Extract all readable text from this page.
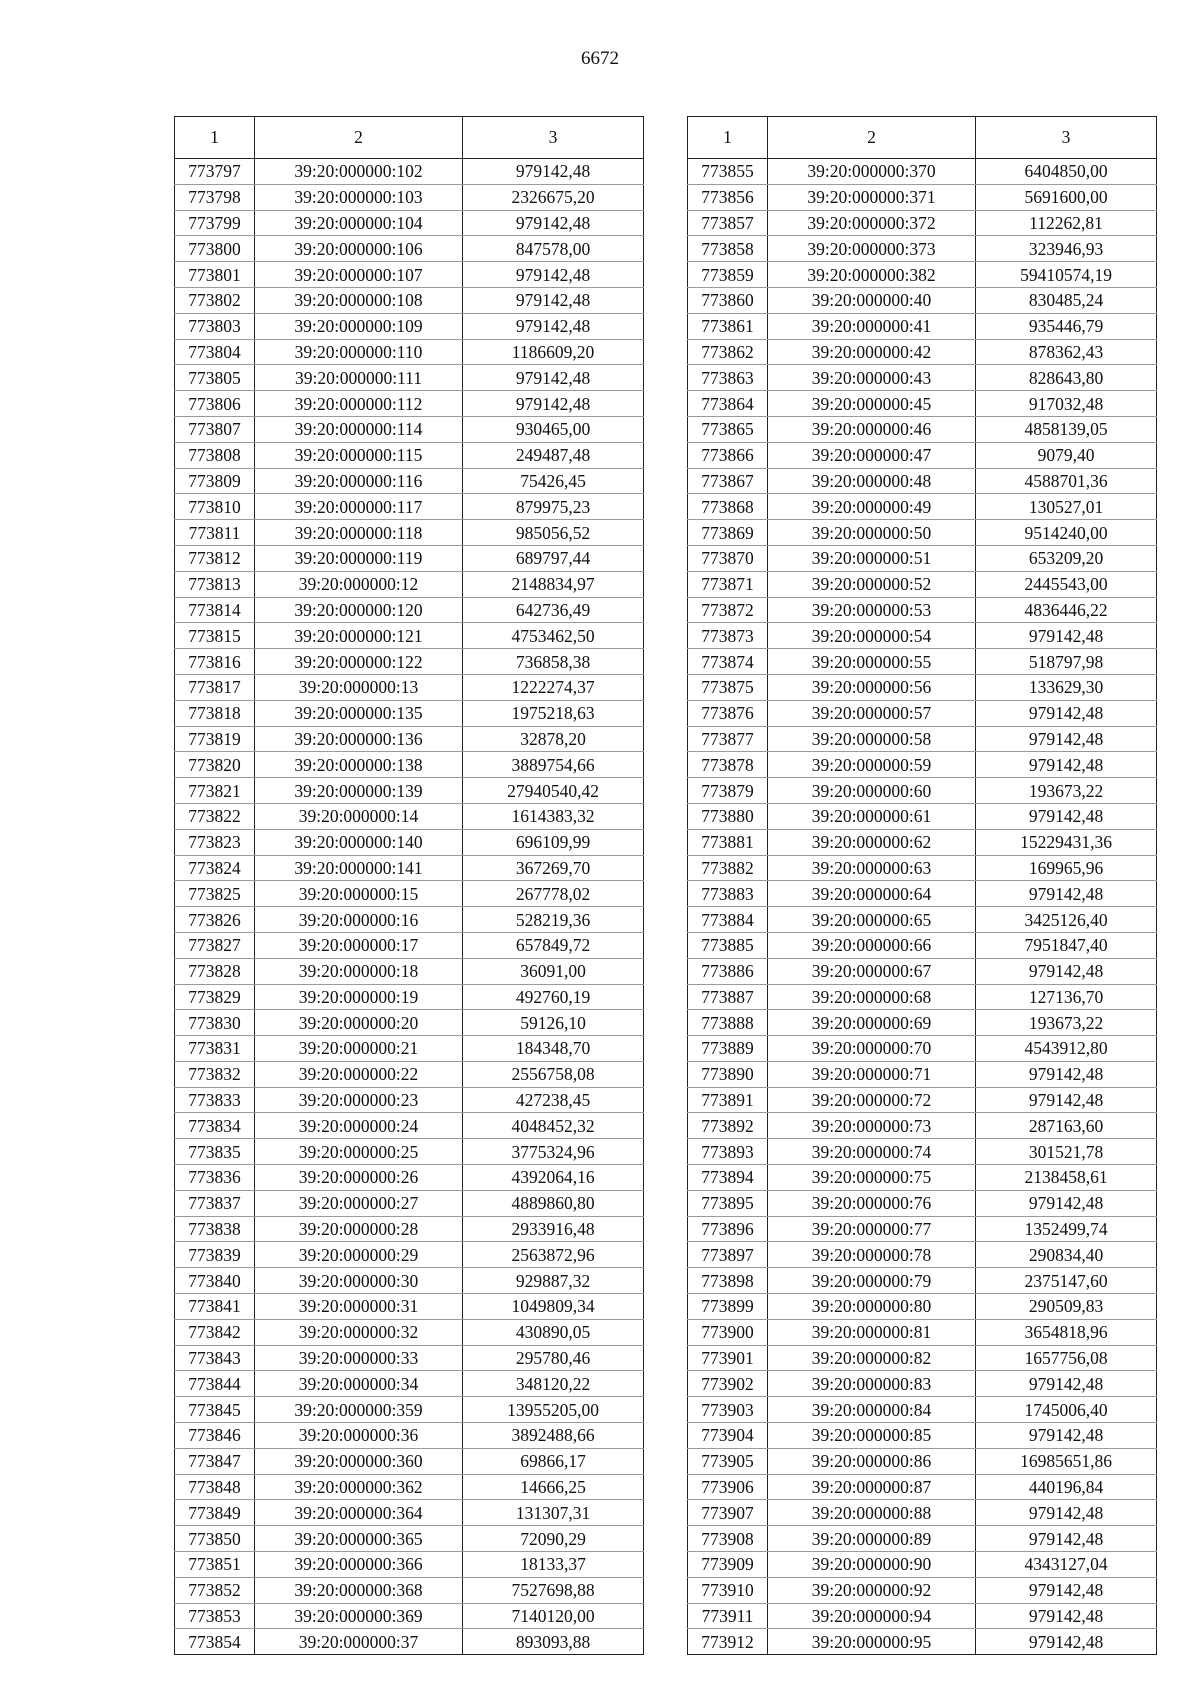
6672
1	2	3
773797	39:20:000000:102	979142,48
773798	39:20:000000:103	2326675,20
773799	39:20:000000:104	979142,48
773800	39:20:000000:106	847578,00
773801	39:20:000000:107	979142,48
773802	39:20:000000:108	979142,48
773803	39:20:000000:109	979142,48
773804	39:20:000000:110	1186609,20
773805	39:20:000000:111	979142,48
773806	39:20:000000:112	979142,48
773807	39:20:000000:114	930465,00
773808	39:20:000000:115	249487,48
773809	39:20:000000:116	75426,45
773810	39:20:000000:117	879975,23
773811	39:20:000000:118	985056,52
773812	39:20:000000:119	689797,44
773813	39:20:000000:12	2148834,97
773814	39:20:000000:120	642736,49
773815	39:20:000000:121	4753462,50
773816	39:20:000000:122	736858,38
773817	39:20:000000:13	1222274,37
773818	39:20:000000:135	1975218,63
773819	39:20:000000:136	32878,20
773820	39:20:000000:138	3889754,66
773821	39:20:000000:139	27940540,42
773822	39:20:000000:14	1614383,32
773823	39:20:000000:140	696109,99
773824	39:20:000000:141	367269,70
773825	39:20:000000:15	267778,02
773826	39:20:000000:16	528219,36
773827	39:20:000000:17	657849,72
773828	39:20:000000:18	36091,00
773829	39:20:000000:19	492760,19
773830	39:20:000000:20	59126,10
773831	39:20:000000:21	184348,70
773832	39:20:000000:22	2556758,08
773833	39:20:000000:23	427238,45
773834	39:20:000000:24	4048452,32
773835	39:20:000000:25	3775324,96
773836	39:20:000000:26	4392064,16
773837	39:20:000000:27	4889860,80
773838	39:20:000000:28	2933916,48
773839	39:20:000000:29	2563872,96
773840	39:20:000000:30	929887,32
773841	39:20:000000:31	1049809,34
773842	39:20:000000:32	430890,05
773843	39:20:000000:33	295780,46
773844	39:20:000000:34	348120,22
773845	39:20:000000:359	13955205,00
773846	39:20:000000:36	3892488,66
773847	39:20:000000:360	69866,17
773848	39:20:000000:362	14666,25
773849	39:20:000000:364	131307,31
773850	39:20:000000:365	72090,29
773851	39:20:000000:366	18133,37
773852	39:20:000000:368	7527698,88
773853	39:20:000000:369	7140120,00
773854	39:20:000000:37	893093,88
1	2	3
773855	39:20:000000:370	6404850,00
773856	39:20:000000:371	5691600,00
773857	39:20:000000:372	112262,81
773858	39:20:000000:373	323946,93
773859	39:20:000000:382	59410574,19
773860	39:20:000000:40	830485,24
773861	39:20:000000:41	935446,79
773862	39:20:000000:42	878362,43
773863	39:20:000000:43	828643,80
773864	39:20:000000:45	917032,48
773865	39:20:000000:46	4858139,05
773866	39:20:000000:47	9079,40
773867	39:20:000000:48	4588701,36
773868	39:20:000000:49	130527,01
773869	39:20:000000:50	9514240,00
773870	39:20:000000:51	653209,20
773871	39:20:000000:52	2445543,00
773872	39:20:000000:53	4836446,22
773873	39:20:000000:54	979142,48
773874	39:20:000000:55	518797,98
773875	39:20:000000:56	133629,30
773876	39:20:000000:57	979142,48
773877	39:20:000000:58	979142,48
773878	39:20:000000:59	979142,48
773879	39:20:000000:60	193673,22
773880	39:20:000000:61	979142,48
773881	39:20:000000:62	15229431,36
773882	39:20:000000:63	169965,96
773883	39:20:000000:64	979142,48
773884	39:20:000000:65	3425126,40
773885	39:20:000000:66	7951847,40
773886	39:20:000000:67	979142,48
773887	39:20:000000:68	127136,70
773888	39:20:000000:69	193673,22
773889	39:20:000000:70	4543912,80
773890	39:20:000000:71	979142,48
773891	39:20:000000:72	979142,48
773892	39:20:000000:73	287163,60
773893	39:20:000000:74	301521,78
773894	39:20:000000:75	2138458,61
773895	39:20:000000:76	979142,48
773896	39:20:000000:77	1352499,74
773897	39:20:000000:78	290834,40
773898	39:20:000000:79	2375147,60
773899	39:20:000000:80	290509,83
773900	39:20:000000:81	3654818,96
773901	39:20:000000:82	1657756,08
773902	39:20:000000:83	979142,48
773903	39:20:000000:84	1745006,40
773904	39:20:000000:85	979142,48
773905	39:20:000000:86	16985651,86
773906	39:20:000000:87	440196,84
773907	39:20:000000:88	979142,48
773908	39:20:000000:89	979142,48
773909	39:20:000000:90	4343127,04
773910	39:20:000000:92	979142,48
773911	39:20:000000:94	979142,48
773912	39:20:000000:95	979142,48
